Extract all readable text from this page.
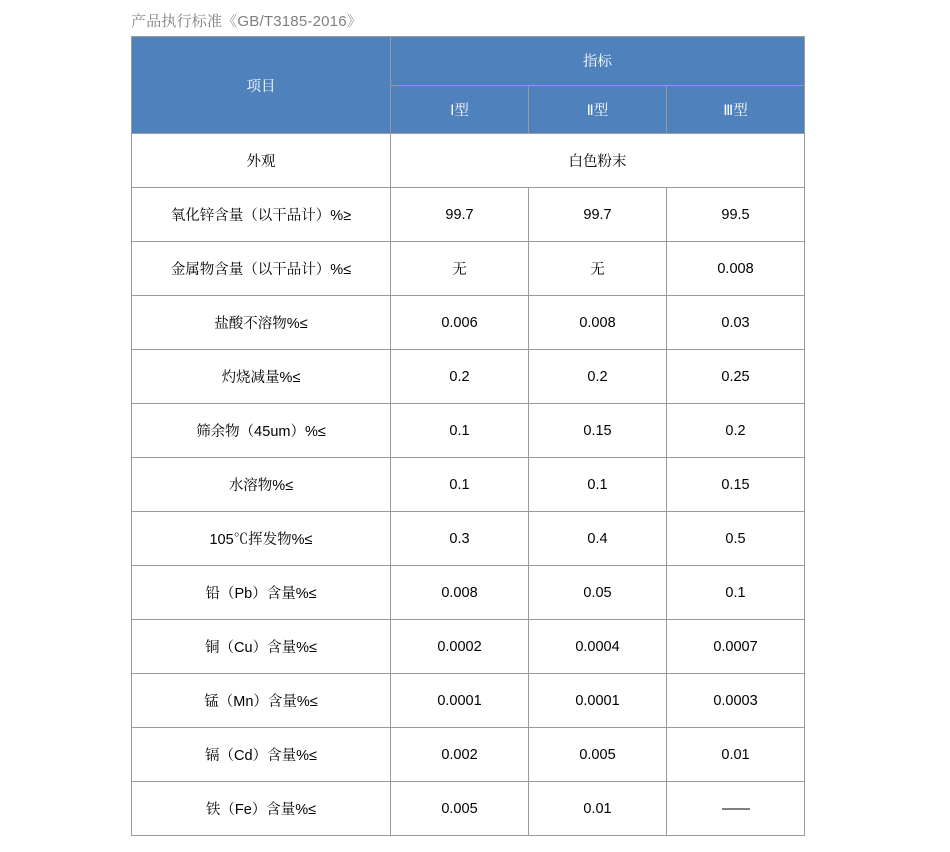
产品执行标准《GB/T3185-2016》
项目	指标		
	Ⅰ型	Ⅱ型	Ⅲ型
外观	白色粉末		
氧化锌含量（以干品计）%≥	99.7	99.7	99.5
金属物含量（以干品计）%≤	无	无	0.008
盐酸不溶物%≤	0.006	0.008	0.03
灼烧减量%≤	0.2	0.2	0.25
筛余物（45um）%≤	0.1	0.15	0.2
水溶物%≤	0.1	0.1	0.15
105℃挥发物%≤	0.3	0.4	0.5
铅（Pb）含量%≤	0.008	0.05	0.1
铜（Cu）含量%≤	0.0002	0.0004	0.0007
锰（Mn）含量%≤	0.0001	0.0001	0.0003
镉（Cd）含量%≤	0.002	0.005	0.01
铁（Fe）含量%≤	0.005	0.01	——
